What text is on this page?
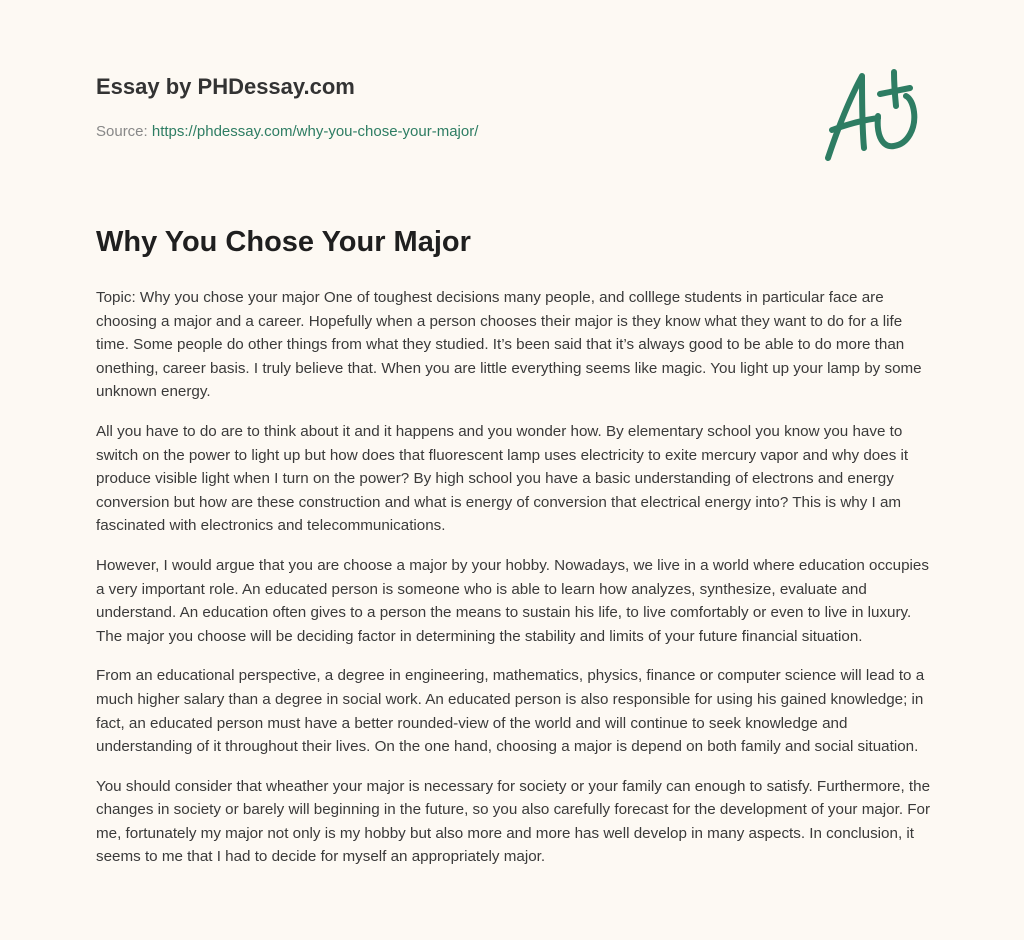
Essay by PHDessay.com
Source: https://phdessay.com/why-you-chose-your-major/
Why You Chose Your Major

Topic: Why you chose your major One of toughest decisions many people, and colllege students in particular face are choosing a major and a career. Hopefully when a person chooses their major is they know what they want to do for a life time. Some people do other things from what they studied. It’s been said that it’s always good to be able to do more than onething, career basis. I truly believe that. When you are little everything seems like magic. You light up your lamp by some unknown energy.

All you have to do are to think about it and it happens and you wonder how. By elementary school you know you have to switch on the power to light up but how does that fluorescent lamp uses electricity to exite mercury vapor and why does it produce visible light when I turn on the power? By high school you have a basic understanding of electrons and energy conversion but how are these construction and what is energy of conversion that electrical energy into? This is why I am fascinated with electronics and telecommunications.

However, I would argue that you are choose a major by your hobby. Nowadays, we live in a world where education occupies a very important role. An educated person is someone who is able to learn how analyzes, synthesize, evaluate and understand. An education often gives to a person the means to sustain his life, to live comfortably or even to live in luxury. The major you choose will be deciding factor in determining the stability and limits of your future financial situation.

From an educational perspective, a degree in engineering, mathematics, physics, finance or computer science will lead to a much higher salary than a degree in social work. An educated person is also responsible for using his gained knowledge; in fact, an educated person must have a better rounded-view of the world and will continue to seek knowledge and understanding of it throughout their lives. On the one hand, choosing a major is depend on both family and social situation.

You should consider that wheather your major is necessary for society or your family can enough to satisfy. Furthermore, the changes in society or barely will beginning in the future, so you also carefully forecast for the development of your major. For me, fortunately my major not only is my hobby but also more and more has well develop in many aspects. In conclusion, it seems to me that I had to decide for myself an appropriately major.
